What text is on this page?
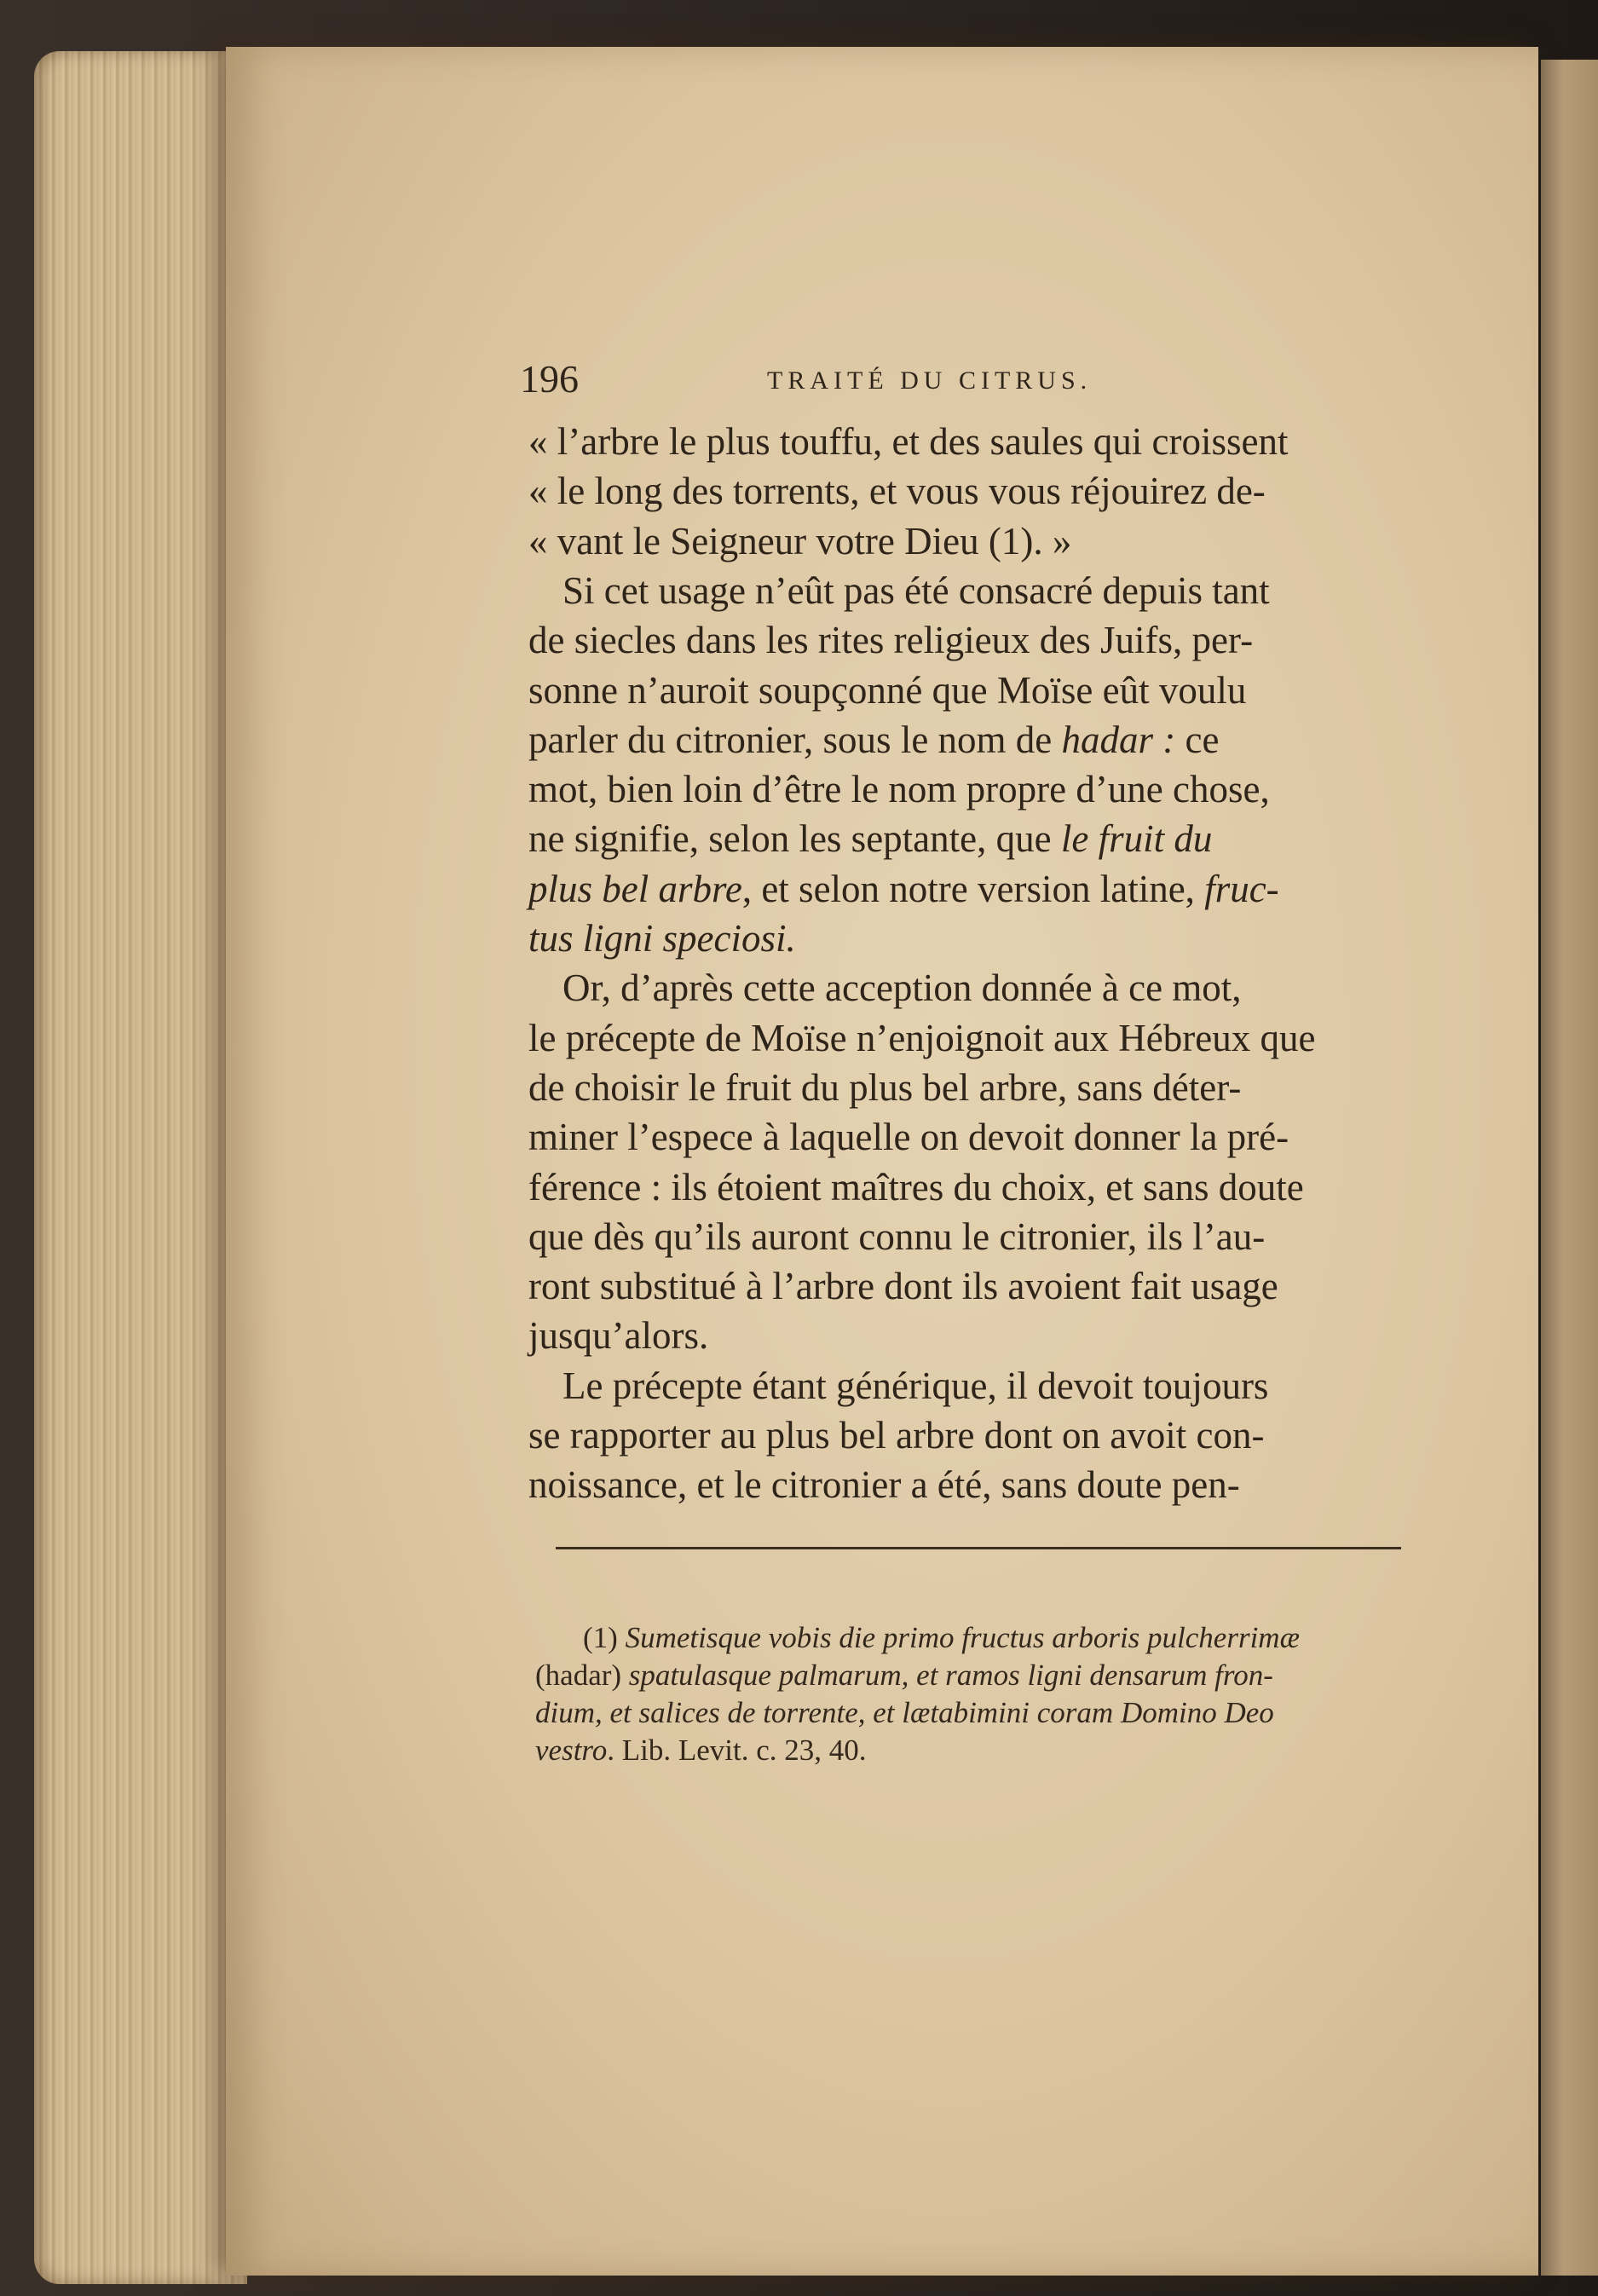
196	TRAITÉ DU CITRUS.
« l’arbre le plus touffu, et des saules qui croissent
« le long des torrents, et vous vous réjouirez de-
« vant le Seigneur votre Dieu (1). »
Si cet usage n’eût pas été consacré depuis tant
de siecles dans les rites religieux des Juifs, per-
sonne n’auroit soupçonné que Moïse eût voulu
parler du citronier, sous le nom de hadar : ce
mot, bien loin d’être le nom propre d’une chose,
ne signifie, selon les septante, que le fruit du
plus bel arbre, et selon notre version latine, fruc-
tus ligni speciosi.
Or, d’après cette acception donnée à ce mot,
le précepte de Moïse n’enjoignoit aux Hébreux que
de choisir le fruit du plus bel arbre, sans déter-
miner l’espece à laquelle on devoit donner la pré-
férence : ils étoient maîtres du choix, et sans doute
que dès qu’ils auront connu le citronier, ils l’au-
ront substitué à l’arbre dont ils avoient fait usage
jusqu’alors.
Le précepte étant générique, il devoit toujours
se rapporter au plus bel arbre dont on avoit con-
noissance, et le citronier a été, sans doute pen-
(1) Sumetisque vobis die primo fructus arboris pulcherrimæ
(hadar) spatulasque palmarum, et ramos ligni densarum fron-
dium, et salices de torrente, et lætabimini coram Domino Deo
vestro. Lib. Levit. c. 23, 40.
